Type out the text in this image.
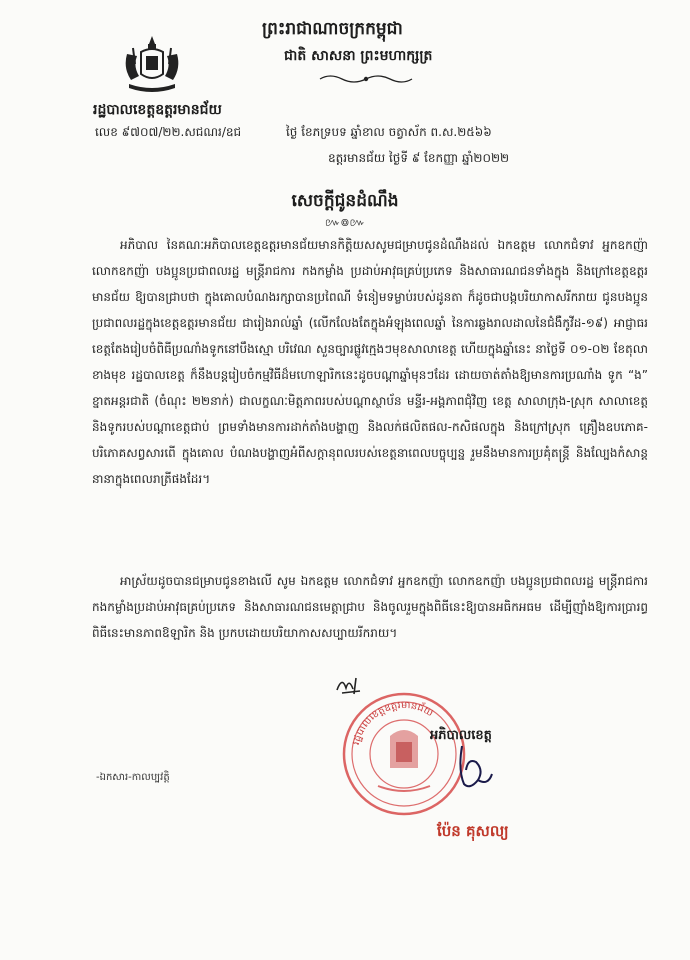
ព្រះរាជាណាចក្រកម្ពុជា
ជាតិ សាសនា ព្រះមហាក្សត្រ
រដ្ឋបាលខេត្តឧត្តរមានជ័យ
លេខ ៩៧០៧/២២.សជណរ/ឧជ	ថ្ងៃ ខែភទ្របទ ឆ្នាំខាល ចត្វាស័ក ព.ស.២៥៦៦
ឧត្តរមានជ័យ ថ្ងៃទី ៩ ខែកញ្ញា ឆ្នាំ២០២២
សេចក្តីជូនដំណឹង
៚៙៚
អភិបាល នៃគណៈអភិបាលខេត្តឧត្តរមានជ័យមានកិត្តិយសសូមជម្រាបជូនដំណឹងដល់ ឯកឧត្តម លោកជំទាវ អ្នកឧកញ៉ា លោកឧកញ៉ា បងប្អូនប្រជាពលរដ្ឋ មន្ត្រីរាជការ កងកម្លាំង ប្រដាប់អាវុធគ្រប់ប្រភេទ និងសាធារណជនទាំងក្នុង និងក្រៅខេត្តឧត្តរមានជ័យ ឱ្យបានជ្រាបថា ក្នុងគោលបំណងរក្សាបានប្រពៃណី ទំនៀមទម្លាប់របស់ដូនតា ក៏ដូចជាបង្កបរិយាកាសរីករាយ ជូនបងប្អូនប្រជាពលរដ្ឋក្នុងខេត្តឧត្តរមានជ័យ ជារៀងរាល់ឆ្នាំ (លើកលែងតែក្នុងអំឡុងពេលឆ្នាំ នៃការឆ្លងរាលដាលនៃជំងឺកូវីដ-១៩) អាជ្ញាធរខេត្តតែងរៀបចំពិធីប្រណាំងទូកនៅបឹងស្មោ បរិវេណ សួនច្បារផ្លូវក្មេងៗមុខសាលាខេត្ត ហើយក្នុងឆ្នាំនេះ នាថ្ងៃទី ០១-០២ ខែតុលាខាងមុខ រដ្ឋបាលខេត្ត ក៏នឹងបន្តរៀបចំកម្មវិធីដ៏មហោឡារិកនេះដូចបណ្តាឆ្នាំមុនៗដែរ ដោយចាត់តាំងឱ្យមានការប្រណាំង ទូក “ង” ខ្នាតអន្តរជាតិ (ចំណុះ ២២នាក់) ជាលក្ខណៈមិត្តភាពរបស់បណ្តាស្ថាប័ន មន្ទីរ-អង្គភាពជុំវិញ ខេត្ត សាលាក្រុង-ស្រុក សាលាខេត្ត និងទូករបស់បណ្តាខេត្តជាប់ ព្រមទាំងមានការដាក់តាំងបង្ហាញ និងលក់ផលិតផល-កសិផលក្នុង និងក្រៅស្រុក គ្រឿងឧបភោគ-បរិភោគសព្វសារពើ ក្នុងគោល បំណងបង្ហាញអំពីសក្តានុពលរបស់ខេត្តនាពេលបច្ចុប្បន្ន រួមនឹងមានការប្រគុំតន្ត្រី និងល្បែងកំសាន្ត នានាក្នុងពេលរាត្រីផងដែរ។
អាស្រ័យដូចបានជម្រាបជូនខាងលើ សូម ឯកឧត្តម លោកជំទាវ អ្នកឧកញ៉ា លោកឧកញ៉ា បងប្អូនប្រជាពលរដ្ឋ មន្ត្រីរាជការ កងកម្លាំងប្រដាប់អាវុធគ្រប់ប្រភេទ និងសាធារណជនមេត្តាជ្រាប និងចូលរួមក្នុងពិធីនេះឱ្យបានអធិកអធម ដើម្បីញ៉ាំងឱ្យការប្រារព្ធពិធីនេះមានភាពឱឡារិក និង ប្រកបដោយបរិយាកាសសប្បាយរីករាយ។
រដ្ឋបាលខេត្តឧត្តរមានជ័យ
អភិបាលខេត្ត
-ឯកសារ-កាលប្បវត្តិ
ប៉ែន គុសល្យ
